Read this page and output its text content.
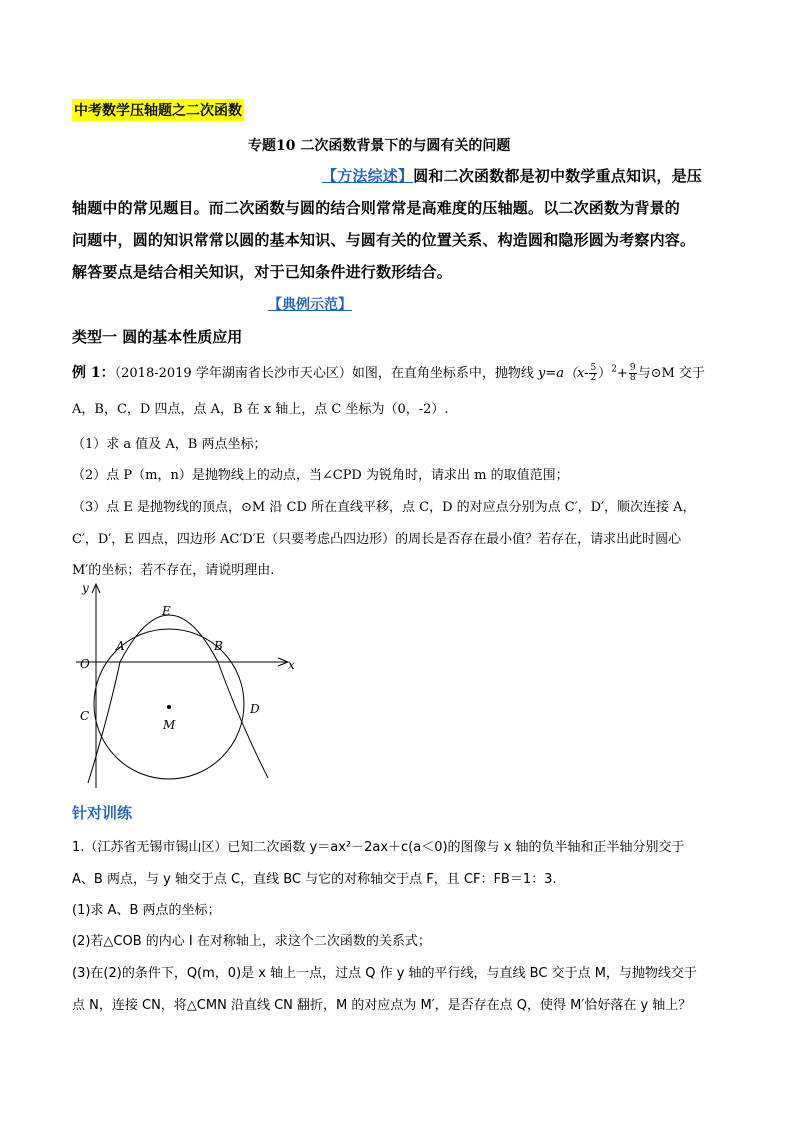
中考数学压轴题之二次函数
专题10 二次函数背景下的与圆有关的问题
【方法综述】圆和二次函数都是初中数学重点知识，是压
轴题中的常见题目。而二次函数与圆的结合则常常是高难度的压轴题。以二次函数为背景的
问题中，圆的知识常常以圆的基本知识、与圆有关的位置关系、构造圆和隐形圆为考察内容。
解答要点是结合相关知识，对于已知条件进行数形结合。
【典例示范】
类型一 圆的基本性质应用
例 1：（2018-2019 学年湖南省长沙市天心区）如图，在直角坐标系中，抛物线 $y=a(x- \frac{5}{2} )^2+ \frac{9}{8}$ 与⊙M 交于
A，B，C，D 四点，点 A，B 在 x 轴上，点 C 坐标为（0，-2）.
（1）求 a 值及 A，B 两点坐标；
（2）点 P（m，n）是抛物线上的动点，当∠CPD 为锐角时，请求出 m 的取值范围；
（3）点 E 是抛物线的顶点，⊙M 沿 CD 所在直线平移，点 C，D 的对应点分别为点 C′，D′，顺次连接 A，
C′，D′，E 四点，四边形 AC′D′E（只要考虑凸四边形）的周长是否存在最小值？若存在，请求出此时圆心
M′的坐标；若不存在，请说明理由.
y
x
O
A	B
C	D
E
M
针对训练
1.（江苏省无锡市锡山区）已知二次函数 y＝ax²－2ax＋c(a＜0)的图像与 x 轴的负半轴和正半轴分别交于
A、B 两点，与 y 轴交于点 C，直线 BC 与它的对称轴交于点 F，且 CF：FB＝1：3.
(1)求 A、B 两点的坐标；
(2)若△COB 的内心 I 在对称轴上，求这个二次函数的关系式；
(3)在(2)的条件下，Q(m，0)是 x 轴上一点，过点 Q 作 y 轴的平行线，与直线 BC 交于点 M，与抛物线交于
点 N，连接 CN，将△CMN 沿直线 CN 翻折，M 的对应点为 M′，是否存在点 Q，使得 M′恰好落在 y 轴上？
